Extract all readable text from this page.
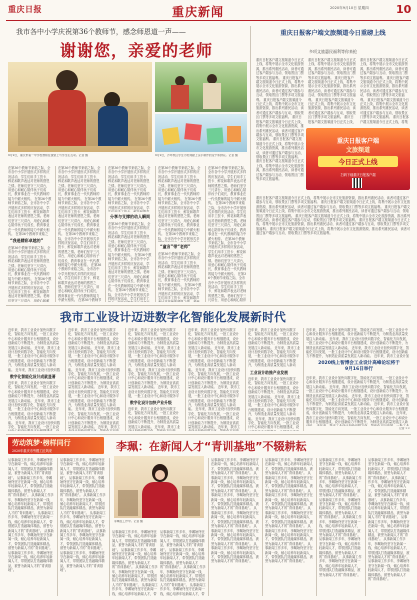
重庆日报	重庆新闻	2020年9月10日 星期四 10
我市各中小学庆祝第36个教师节，感念师恩道一声——
谢谢您，亲爱的老师
9月9日，重庆市第一中学校教师在课堂上与学生们互动。记者 摄	9月9日，沙坪坝区学生为老师献上亲手制作的贺卡和鲜花。记者 摄
在第36个教师节来临之际，全市各中小学开展形式多样的庆祝活动，学生们用手工贺卡、鲜花和歌声表达对老师的感恩之情。老师们坚守三尺讲台，用爱心和耐心陪伴孩子们成长，教育事业在一代代教师的接力中薪火相传。 在第36个教师节来临之际，全市各中小学开展形式多样的庆祝活动，学生们用手工贺卡、鲜花和歌声表达对老师的感恩之情。老师们坚守三尺讲台，用爱心和耐心陪伴孩子们成长，教育事业在一代代教师的接力中薪火相传。 在第36个教师节来临之
“我是精彩卓越的”
在第36个教师节来临之际，全市各中小学开展形式多样的庆祝活动，学生们用手工贺卡、鲜花和歌声表达对老师的感恩之情。老师们坚守三尺讲台，用爱心和耐心陪伴孩子们成长，教育事业在一代代教师的接力中薪火相传。 在第36个教师节来临之际，全市各中小学开展形式多样的庆祝活动，学生们用手工贺卡、鲜花和歌声表达对老师的感恩之情。老师们坚守三尺讲台，用爱心和耐
在第36个教师节来临之际，全市各中小学开展形式多样的庆祝活动，学生们用手工贺卡、鲜花和歌声表达对老师的感恩之情。老师们坚守三尺讲台，用爱心和耐心陪伴孩子们成长，教育事业在一代代教师的接力中薪火相传。 在第36个教师节来临之际，全市各中小学开展形式多样的庆祝活动，学生们用手工贺卡、鲜花和歌声表达对老师的感恩之情。老师们坚守三尺讲台，用爱心和耐心陪伴孩子们成长，教育事业在一代代教师的接力中薪火相传。 在第36个教师节来临之际，全市各中小学开展形式多样的庆祝活动，学生们用手工贺卡、鲜花和歌声表达对老师的感恩之情。老师们坚守三尺讲台，用爱心和耐心陪伴孩子们成长，教育事业在一代代教师的接力中薪火相传。 在第36个教师节来临之际，全市各中小学开展形式多样的庆祝活动，学生们用手工贺卡、鲜花和歌声表达对老师的感恩之情。老师们坚守三尺讲台，用爱心和耐心陪伴孩子们成长，教育事业在一代代教师的接力中薪火相传。 在第36个教师节
在第36个教师节来临之际，全市各中小学开展形式多样的庆祝活动，学生们用手工贺卡、鲜花和歌声表达对老师的感恩之情。老师们坚守三尺讲台，用爱心和耐心陪伴孩子们成长，教育事业在一代代教师的接力中薪火相传。 在第36个教师节来临之际，全市各中小学开展形式多样的庆祝活动，学
分享与支撑的动人瞬间
在第36个教师节来临之际，全市各中小学开展形式多样的庆祝活动，学生们用手工贺卡、鲜花和歌声表达对老师的感恩之情。老师们坚守三尺讲台，用爱心和耐心陪伴孩子们成长，教育事业在一代代教师的接力中薪火相传。 在第36个教师节来临之际，全市各中小学开展形式多样的庆祝活动，学生们用手工贺卡、鲜花和歌声表达对老师的感恩之情。老师们坚守三尺讲台，用爱心和耐心陪伴孩子们成长，教育事业在一代代教师的接力中薪火相传。 在第36个教师节来临之际，全市各中小学开展形式多样的庆祝活动，学生们用手工
在第36个教师节来临之际，全市各中小学开展形式多样的庆祝活动，学生们用手工贺卡、鲜花和歌声表达对老师的感恩之情。老师们坚守三尺讲台，用爱心和耐心陪伴孩子们成长，教育事业在一代代教师的接力中薪火相传。 在第36个教师节来临之际，全市各中小学开展形式多样的庆祝活动，学生们用手工贺卡、鲜花和歌声表达对老师的感恩之情。老师们坚守三尺讲台，用爱心和耐心陪伴孩子们成长，教育事业在一代代教师的接力中薪火相传。 在第36个教师节来临之际，全市各中小学开展形式多
“童言”带“老师”
在第36个教师节来临之际，全市各中小学开展形式多样的庆祝活动，学生们用手工贺卡、鲜花和歌声表达对老师的感恩之情。老师们坚守三尺讲台，用爱心和耐心陪伴孩子们成长，教育事业在一代代教师的接力中薪火相传。 在第36个教师节来临之际，全市各中小学开展形式多样的庆祝活动，学生们用手工贺卡、鲜花和歌声
在第36个教师节来临之际，全市各中小学开展形式多样的庆祝活动，学生们用手工贺卡、鲜花和歌声表达对老师的感恩之情。老师们坚守三尺讲台，用爱心和耐心陪伴孩子们成长，教育事业在一代代教师的接力中薪火相传。 在第36个教师节来临之际，全市各中小学开展形式多样的庆祝活动，学生们用手工贺卡、鲜花和歌声表达对老师的感恩之情。老师们坚守三尺讲台，用爱心和耐心陪伴孩子们成长，教育事业在一代代教师的接力中薪火相传。 在第36个教师节来临之际，全市各中小学开展形式多样的庆祝活动，学生们用手工贺卡、鲜花和歌声表达对老师的感恩之情。老师们坚守三尺讲台，用爱心和耐心陪伴孩子们成长，教育事业在一代代教师的接力中薪火相传。 在第36个教师节来临之际，全市各中小学开展形式多样的庆祝活动，学生们用手工贺卡、鲜花和歌声表达对老师的感恩之情。老师们坚守三尺讲台，用爱心和耐心陪伴
重庆日报客户端文旅频道今日重磅上线
多项文旅惠民福利等你来抢
重庆日报客户端文旅频道今日正式上线，将集中展示全市文化旅游资源，推出系列惠民活动，读者可通过客户端参与互动，领取景区门票等多项文旅福利。 重庆日报客户端文旅频道今日正式上线，将集中展示全市文化旅游资源，推出系列惠民活动，读者可通过客户端参与互动，领取景区门票等多项文旅福利。 重庆日报客户端文旅频道今日正式上线，将集中展示全市文化旅游资源，推出系列惠民活动，读者可通过客户端参与互动，领取景区门票等多项文旅福利。 重庆日报客户端文旅频道今日正式上线，将集中展示全市文化旅游资源，推出系列惠民活动，读者可通过客户端参与互动，领取景区门票等多项文旅福利。 重庆日报客户端文旅频道今日正式上线，将集中展示全市文化旅游资源，推出系列惠民活动，读者可通过客户端参与互动，领取景区门票等多项文旅福利。 重庆日报客户端文旅频道今日正式上线，将集中展示全市文化旅游资源，推出系列惠民活动，读者可通过客户端参与互动，领取景区门票等多项文旅福利。
重庆日报客户端文旅频道今日正式上线，将集中展示全市文化旅游资源，推出系列惠民活动，读者可通过客户端参与互动，领取景区门票等多项文旅福利。 重庆日报客户端文旅频道今日正式上线，将集中展示全市文化旅游资源，推出系列惠民活动，读者可通过客户端参与互动，领取景区门票等多项文旅福利。 重庆日报客户端文旅频道今日正式上线，将集中展示全市文化旅游资源，推出系列惠民活动，读者可通过客户端参与互动，领取景区门票等多项文旅福利。 重庆日报客户端文旅频道今日正式上线，
重庆日报客户端文旅频道今日正式上线，将集中展示全市文化旅游资源，推出系列惠民活动，读者可通过客户端参与互动，领取景区门票等多项文旅福利。 重庆日报客户端文旅频道今日正式上线，将集中展示全市文化旅游资源，推出系列惠民活动，读者可通过客户端参与互动，领取景区门票等多项文旅福利。 重庆日报客户端文旅频道今日正式上线，将集中展示全市文化旅游资源，推出系列惠民活动，读者可通过客户端参与互动，领取景区门票等多项文旅福利。 重庆日报客户端文旅频道今日正式上线，将集
重庆日报客户端
文旅频道
今日正式上线
扫码下载重庆日报客户端
重庆日报客户端文旅频道今日正式上线，将集中展示全市文化旅游资源，推出系列惠民活动，读者可通过客户端参与互动，领取景区门票等多项文旅福利。 重庆日报客户端文旅频道今日正式上线，将集中展示全市文化旅游资源，推出系列惠民活动，读者可通过客户端参与互动，领取景区门票等多项文旅福利。 重庆日报客户端文旅频道今日正式上线，将集中展示全市文化旅游资源，推出系列惠民活动，读者可通过客户端参与互动，领取景区门票等多项文旅福利。 重庆日报客户端文旅频道今日正式上线，将集中展示全市文化旅游资源，推出系列惠民活动，读者可通过客户端参与互动，领取景区门票等多项文旅福利。 重庆日报客户端文旅频道今日正式上线，将集中展示全市文化旅游资源，推出系列惠民活动，读者可通过客户端参与互动，领取景区门票等多项文旅福利。 重庆日报客户端文旅频道今日正式上线，将集中展示全市文化旅游资源，推出系列惠民活动，读者可通过客户端参与互动，领取景区门票等多项文旅福利。
我市工业设计迈进数字化智能化发展新时代
近年来，我市工业设计加快向数字化、智能化方向发展，一批工业设计中心和设计服务平台相继建成，设计创新能力不断提升，为制造业高质量发展注入新动能。 近年来，我市工业设计加快向数字化、智能化方向发展，一批工业设计中心和设计服务平台相继建成，设计创新能力不断提升，为制造业高质量发展注入新动能。 近年来，我市工业设计加快向数
数字化智能化设计成就显著
近年来，我市工业设计加快向数字化、智能化方向发展，一批工业设计中心和设计服务平台相继建成，设计创新能力不断提升，为制造业高质量发展注入新动能。 近年来，我市工业设计加快向数字化、智能化方向发展，一批工业设计中心和设计服务平台相继建成，设计创新能力不断提升，为制造业高质量发展注入新动能。 近年来，我市工业设计加快向数字化、智能化方向发展，一批工业设
近年来，我市工业设计加快向数字化、智能化方向发展，一批工业设计中心和设计服务平台相继建成，设计创新能力不断提升，为制造业高质量发展注入新动能。 近年来，我市工业设计加快向数字化、智能化方向发展，一批工业设计中心和设计服务平台相继建成，设计创新能力不断提升，为制造业高质量发展注入新动能。 近年来，我市工业设计加快向数字化、智能化方向发展，一批工业设计中心和设计服务平台相继建成，设计创新能力不断提升，为制造业高质量发展注入新动能。 近年来，我市工业设计加快向数字化、智能化方向发展，一批工业设计中心和设计服务平台相继建成，设计创新能力不断提升，为制造业高质量发展注入新动能。 近年来，我市工业设计加快向数字化、智能化方向发展，一批工业设计中心和设计服务平台相继建成，设计创新能力不断提升，为制造业高质量发展注入新动能。 近年来，我市工
近年来，我市工业设计加快向数字化、智能化方向发展，一批工业设计中心和设计服务平台相继建成，设计创新能力不断提升，为制造业高质量发展注入新动能。 近年来，我市工业设计加快向数字化、智能化方向发展，一批工业设计中心和设计服务平台相继建成，设计创新能力不断提升，为制造业高质量发展注入新动能。 近年来，我市工业设计加快向数字化、智能化方向发展，一批工业设计中心和设计服务平台相继建成，设计创新能力不断提升，为制造业高质量发展注入新动能。 近年来，我市工业设计加快向数字化、智能化方向发展，一批工业设计中心和设计服务平
数字化设计加快产业升级
近年来，我市工业设计加快向数字化、智能化方向发展，一批工业设计中心和设计服务平台相继建成，设计创新能力不断提升，为制造业高质量发展注入新动能。 近年来，我市工业
近年来，我市工业设计加快向数字化、智能化方向发展，一批工业设计中心和设计服务平台相继建成，设计创新能力不断提升，为制造业高质量发展注入新动能。 近年来，我市工业设计加快向数字化、智能化方向发展，一批工业设计中心和设计服务平台相继建成，设计创新能力不断提升，为制造业高质量发展注入新动能。 近年来，我市工业设计加快向数字化、智能化方向发展，一批工业设计中心和设计服务平台相继建成，设计创新能力不断提升，为制造业高质量发展注入新动能。 近年来，我市工业设计加快向数字化、智能化方向发展，一批工业设计中心和设计服务平台相继建成，设计创新能力不断提升，为制造业高质量发展注入新动能。 近年来，我市工业设计加快向数字化、智能化方向发展，一批工业设计中心和设计服务平台相继建成，设计创新能力不断提升，为制造业高质量发展注入新动能。 近年来，我市工
近年来，我市工业设计加快向数字化、智能化方向发展，一批工业设计中心和设计服务平台相继建成，设计创新能力不断提升，为制造业高质量发展注入新动能。 近年来，我市工业设计加快向数字化、智能化方向发展，一批工业设计中心和设计服务平台相继建成，设计创新能力不断提升，为制造业高质量发展注入新动
工业设计助推产业发展
近年来，我市工业设计加快向数字化、智能化方向发展，一批工业设计中心和设计服务平台相继建成，设计创新能力不断提升，为制造业高质量发展注入新动能。 近年来，我市工业设计加快向数字化、智能化方向发展，一批工业设计中心和设计服务平台相继建成，设计创新能力不断提升，为制造业高质量发展注入新动能。 近年来，我市工业设计加快向数字化、智能化方向发展，一批工业设计中心和设计服务平台相继建成，设
近年来，我市工业设计加快向数字化、智能化方向发展，一批工业设计中心和设计服务平台相继建成，设计创新能力不断提升，为制造业高质量发展注入新动能。 近年来，我市工业设计加快向数字化、智能化方向发展，一批工业设计中心和设计服务平台相继建成，设计创新能力不断提升，为制造业高质量发展注入新动能。 近年来，我市工业设计加快向数字化、智能化方向发展，一批工业设计中心和设计服务平台相继建成，设计创新能力不断提升，为制造业高质量发展注入新动能。 近年来，我市工业设计加
2020线上智博会工业设计高峰论坛将于9月16日举行
近年来，我市工业设计加快向数字化、智能化方向发展，一批工业设计中心和设计服务平台相继建成，设计创新能力不断提升，为制造业高质量发展注入新动能。 近年来，我市工业设计加快向数字化、智能化方向发展，一批工业设计中心和设计服务平台相继建成，设计创新能力不断提升，为制造业高质量发展注入新动能。 近年来，我市工业设计加快向数字化、智能化方向发展，一批工业设计中心和设计服务平台相继建成，设计创新能力不断提升，为制造业高质量发展注入新动能。 近年来，我市工业设计加快向数字化、智能化方向发展，一批工业设计中心和设计服务平台相继建成，设计创新能力不断提升，为制造业高质量发展注入新动能。 近年来，我市工业设计加快向数字化、智能化方向发展，一批工业设计中心和设计服务平台相继建成，设计创新能力不断提升，为制造业高质量发展注入新
记者 ××
劳动筑梦·榜样同行
2020年重庆市劳模工匠风采	李珮：在新闻人才“青训基地”不辍耕耘
从事新闻工作多年，李珮始终坚守在新闻一线，倾心培养年轻新闻人才，带领团队打造融媒体精品，被誉为新闻人才的“青训基地”。 从事新闻工作多年，李珮始终坚守在新闻一线，倾心培养年轻新闻人才，带领团队打造融媒体精品，被誉为新闻人才的“青训基地”。 从事新闻工作多年，李珮始终坚守在新闻一线，倾心培养年轻新闻人才，带领团队打造融媒体精品，被誉为新闻人才的“青训基地”。 从事新闻工作多年，李珮始终坚守在新闻一线，倾心培养年轻新闻人才，带领团队打造融媒体精品，被誉为新闻人才的“青训基地”。 从事新闻工作多年，李珮始终坚守在新闻一线，倾心培养年轻新闻人才，带领团队打造融媒体精品，被誉为新闻人才的“青训基地”。 从事新闻工作多年，李珮始终坚守在新闻一线，倾心培养年轻新闻人才，带领团队打造融媒体精品，被誉为新闻人才的“青训基地”。
从事新闻工作多年，李珮始终坚守在新闻一线，倾心培养年轻新闻人才，带领团队打造融媒体精品，被誉为新闻人才的“青训基地”。 从事新闻工作多年，李珮始终坚守在新闻一线，倾心培养年轻新闻人才，带领团队打造融媒体精品，被誉为新闻人才的“青训基地”。 从事新闻工作多年，李珮始终坚守在新闻一线，倾心培养年轻新闻人才，带领团队打造融媒体精品，被誉为新闻人才的“青训基地”。 从事新闻工作多年，李珮始终坚守在新闻一线，倾心培养年轻新闻人才，带领团队打造融媒体精品，被誉为新闻人才的“青训基地”。 从事新闻工作多年，李珮始终坚守在新闻一线，倾心培养年轻新闻人才，带领团队打造融媒体精品，被誉为新闻人才的“青训基地”。 从事新闻工作多年，李珮始终坚守在新闻一线，倾心培养年轻新闻人才，带领团队打造融媒体精品，被誉为新闻人才的“青训基地”。
李珮在工作中。记者 摄
从事新闻工作多年，李珮始终坚守在新闻一线，倾心培养年轻新闻人才，带领团队打造融媒体精品，被誉为新闻人才的“青训基地”。 从事新闻工作多年，李珮始终坚守在新闻一线，倾心培养年轻新闻人才，带领团队打造融媒体精品，被誉为新闻人才的“青训基地”。 从事新闻工作多年，李珮始终坚守在新闻一线，倾心培养年轻新闻人才，带领团队打造融媒体精品，被誉为新闻人才的“青训基地”。 从事新闻工作多年，李珮始终坚守在新闻一线，倾心培养年轻新闻人才，带
从事新闻工作多年，李珮始终坚守在新闻一线，倾心培养年轻新闻人才，带领团队打造融媒体精品，被誉为新闻人才的“青训基地”。 从事新闻工作多年，李珮始终坚守在新闻一线，倾心培养年轻新闻人才，带领团队打造融媒体精品，被誉为新闻人才的“青训基地”。 从事新闻工作多年，李珮始终坚守在新闻一线，倾心培养年轻新闻人才，带领团队打造融媒体精品，被誉为新闻人才的“青训基地”。 从事新闻工作多年，李珮始终坚守在新闻一线，倾心培养年轻新闻人才，带
从事新闻工作多年，李珮始终坚守在新闻一线，倾心培养年轻新闻人才，带领团队打造融媒体精品，被誉为新闻人才的“青训基地”。 从事新闻工作多年，李珮始终坚守在新闻一线，倾心培养年轻新闻人才，带领团队打造融媒体精品，被誉为新闻人才的“青训基地”。 从事新闻工作多年，李珮始终坚守在新闻一线，倾心培养年轻新闻人才，带领团队打造融媒体精品，被誉为新闻人才的“青训基地”。 从事新闻工作多年，李珮始终坚守在新闻一线，倾心培养年轻新闻人才，带领团队打造融媒体精品，被誉为新闻人才的“青训基地”。 从事新闻工作多年，李珮始终坚守在新闻一线，倾心培养年轻新闻人才，带领团队打造融媒体精品，被誉为新闻人才的“青训基地”。 从事新闻工作多年，李珮始终坚守在新闻一线，倾心培养年轻新闻人才，带领团队打造融媒体精品，被誉为新闻人才的“青训基地”。
从事新闻工作多年，李珮始终坚守在新闻一线，倾心培养年轻新闻人才，带领团队打造融媒体精品，被誉为新闻人才的“青训基地”。 从事新闻工作多年，李珮始终坚守在新闻一线，倾心培养年轻新闻人才，带领团队打造融媒体精品，被誉为新闻人才的“青训基地”。 从事新闻工作多年，李珮始终坚守在新闻一线，倾心培养年轻新闻人才，带领团队打造融媒体精品，被誉为新闻人才的“青训基地”。 从事新闻工作多年，李珮始终坚守在新闻一线，倾心培养年轻新闻人才，带领团队打造融媒体精品，被誉为新闻人才的“青训基地”。 从事新闻工作多年，李珮始终坚守在新闻一线，倾心培养年轻新闻人才，带领团队打造融媒体精品，被誉为新闻人才的“青训基地”。 从事新闻工作多年，李珮始终坚守在新闻一线，倾心培养年轻新闻人才，带领团队打造融媒体精品，被誉为新闻人才的“青训基地”。
从事新闻工作多年，李珮始终坚守在新闻一线，倾心培养年轻新闻人才，带领团队打造融媒体精品，被誉为新闻人才的“青训基地”。 从事新闻工作多年，李珮始终坚守在新闻一线，倾心培养年轻新闻人才，带领团队打造融媒体精品，被誉为新闻人才的“青训基地”。 从事新闻工作多年，李珮始终坚守在新闻一线，倾心培养年轻新闻人才，带领团队打造融媒体精品，被誉为新闻人才的“青训基地”。 从事新闻工作多年，李珮始终坚守在新闻一线，倾心培养年轻新闻人才，带领团队打造融媒体精品，被誉为新闻人才的“青训基地”。 从事新闻工作多年，李珮始终坚守在新闻一线，倾心培养年轻新闻人才，带领团队打造融媒体精品，被誉为新闻人才的“青训基地”。 从事新闻工作多年，李珮始终坚守在新闻一线，倾心培养年轻新闻人才，带领团队打造融媒体精品，被誉为新闻人才的“青训基地”。
从事新闻工作多年，李珮始终坚守在新闻一线，倾心培养年轻新闻人才，带领团队打造融媒体精品，被誉为新闻人才的“青训基地”。 从事新闻工作多年，李珮始终坚守在新闻一线，倾心培养年轻新闻人才，带领团队打造融媒体精品，被誉为新闻人才的“青训基地”。 从事新闻工作多年，李珮始终坚守在新闻一线，倾心培养年轻新闻人才，带领团队打造融媒体精品，被誉为新闻人才的“青训基地”。 从事新闻工作多年，李珮始终坚守在新闻一线，倾心培养年轻新闻人才，带领团队打造融媒体精品，被誉为新闻人才的“青训基地”。 从事新闻工作多年，李珮始终坚守在新闻一线，倾心培养年轻新闻人才，带领团队打造融媒体精品，被誉为新闻人才的“青训基地”。 从事新闻工作多年，李珮始终坚守在新闻一线，倾心培养年轻新闻人才，带领团队打造融媒体精品，被誉为新闻人才的“青训基地”。
